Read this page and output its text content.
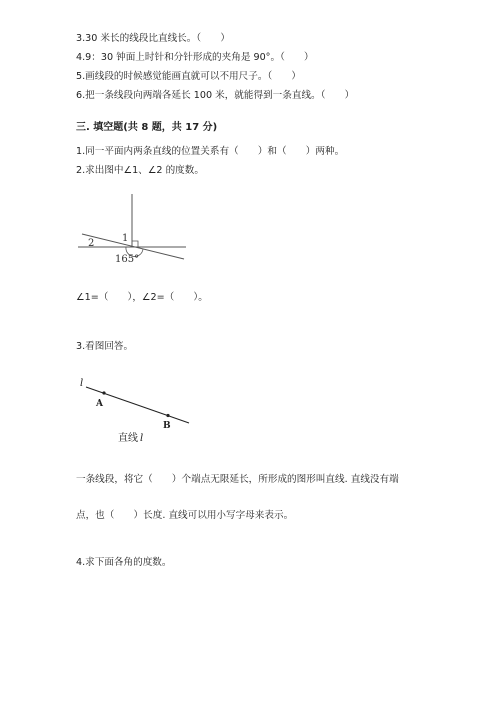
3.30 米长的线段比直线长。（　　）
4.9：30 钟面上时针和分针形成的夹角是 90°。（　　）
5.画线段的时候感觉能画直就可以不用尺子。（　　）
6.把一条线段向两端各延长 100 米，就能得到一条直线。（　　）
三. 填空题(共 8 题，共 17 分)
1.同一平面内两条直线的位置关系有（　　）和（　　）两种。
2.求出图中∠1、∠2 的度数。
1
2
165°
∠1=（　　），∠2=（　　）。
3.看图回答。
l
A
B
直线 l
一条线段，将它（　　）个端点无限延长，所形成的图形叫直线. 直线没有端
点，也（　　）长度. 直线可以用小写字母来表示。
4.求下面各角的度数。
